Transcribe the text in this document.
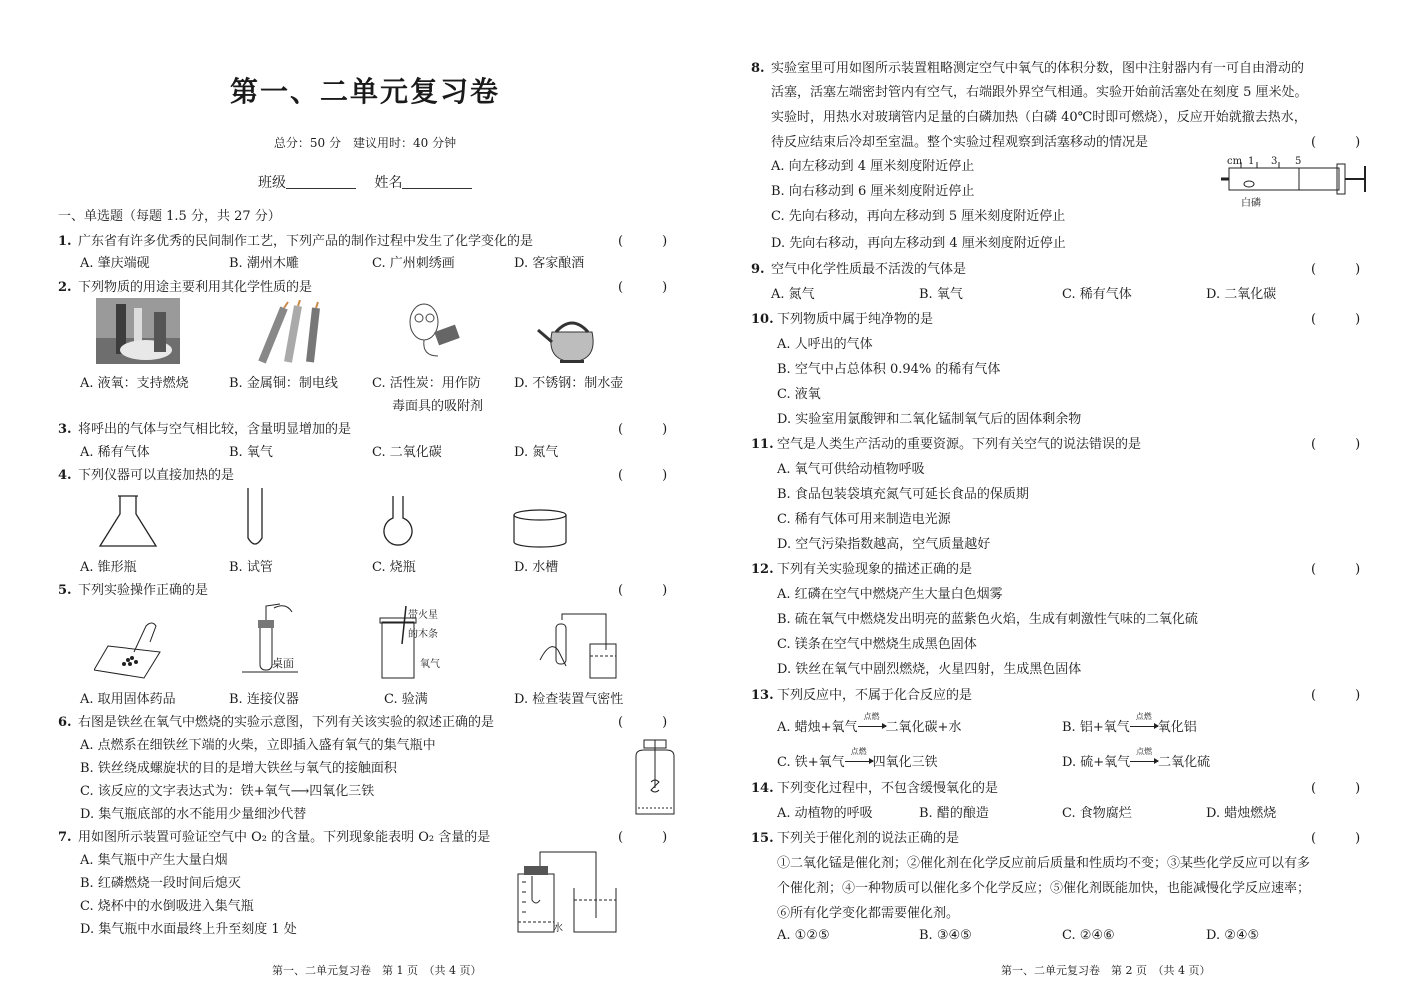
第一、二单元复习卷
总分：50 分　建议用时：40 分钟
班级	姓名
一、单选题（每题 1.5 分，共 27 分）
1. 广东省有许多优秀的民间制作工艺，下列产品的制作过程中发生了化学变化的是	(　　　)
A. 肇庆端砚	B. 潮州木雕	C. 广州刺绣画	D. 客家酿酒
2. 下列物质的用途主要利用其化学性质的是	(　　　)
A. 液氧：支持燃烧	B. 金属铜：制电线	C. 活性炭：用作防
毒面具的吸附剂
D. 不锈钢：制水壶
3. 将呼出的气体与空气相比较，含量明显增加的是	(　　　)
A. 稀有气体	B. 氧气	C. 二氧化碳	D. 氮气
4. 下列仪器可以直接加热的是	(　　　)
A. 锥形瓶	B. 试管	C. 烧瓶	D. 水槽
5. 下列实验操作正确的是	(　　　)
桌面
带火星
的木条
氧气
A. 取用固体药品	B. 连接仪器	C. 验满	D. 检查装置气密性
6. 右图是铁丝在氧气中燃烧的实验示意图，下列有关该实验的叙述正确的是	(　　　)
A. 点燃系在细铁丝下端的火柴，立即插入盛有氧气的集气瓶中
B. 铁丝绕成螺旋状的目的是增大铁丝与氧气的接触面积
C. 该反应的文字表达式为：铁+氧气⟶四氧化三铁
D. 集气瓶底部的水不能用少量细沙代替
7. 用如图所示装置可验证空气中 O₂ 的含量。下列现象能表明 O₂ 含量的是	(　　　)
A. 集气瓶中产生大量白烟
B. 红磷燃烧一段时间后熄灭
C. 烧杯中的水倒吸进入集气瓶
D. 集气瓶中水面最终上升至刻度 1 处	水
第一、二单元复习卷　第 1 页　（共 4 页）
8. 实验室里可用如图所示装置粗略测定空气中氧气的体积分数，图中注射器内有一可自由滑动的
活塞，活塞左端密封管内有空气，右端跟外界空气相通。实验开始前活塞处在刻度 5 厘米处。
实验时，用热水对玻璃管内足量的白磷加热（白磷 40℃时即可燃烧），反应开始就撤去热水，
待反应结束后冷却至室温。整个实验过程观察到活塞移动的情况是	(　　　)
A. 向左移动到 4 厘米刻度附近停止
B. 向右移动到 6 厘米刻度附近停止
C. 先向右移动，再向左移动到 5 厘米刻度附近停止
D. 先向右移动，再向左移动到 4 厘米刻度附近停止
cm 1 3 5
白磷
9. 空气中化学性质最不活泼的气体是	(　　　)
A. 氮气	B. 氧气	C. 稀有气体	D. 二氧化碳
10. 下列物质中属于纯净物的是	(　　　)
A. 人呼出的气体
B. 空气中占总体积 0.94% 的稀有气体
C. 液氧
D. 实验室用氯酸钾和二氧化锰制氧气后的固体剩余物
11. 空气是人类生产活动的重要资源。下列有关空气的说法错误的是	(　　　)
A. 氧气可供给动植物呼吸
B. 食品包装袋填充氮气可延长食品的保质期
C. 稀有气体可用来制造电光源
D. 空气污染指数越高，空气质量越好
12. 下列有关实验现象的描述正确的是	(　　　)
A. 红磷在空气中燃烧产生大量白色烟雾
B. 硫在氧气中燃烧发出明亮的蓝紫色火焰，生成有刺激性气味的二氧化硫
C. 镁条在空气中燃烧生成黑色固体
D. 铁丝在氧气中剧烈燃烧，火星四射，生成黑色固体
13. 下列反应中，不属于化合反应的是	(　　　)
A. 蜡烛+氧气
点燃
二氧化碳+水	B. 铝+氧气
点燃
氧化铝
C. 铁+氧气
点燃
四氧化三铁	D. 硫+氧气
点燃
二氧化硫
14. 下列变化过程中，不包含缓慢氧化的是	(　　　)
A. 动植物的呼吸	B. 醋的酿造	C. 食物腐烂	D. 蜡烛燃烧
15. 下列关于催化剂的说法正确的是	(　　　)
①二氧化锰是催化剂；②催化剂在化学反应前后质量和性质均不变；③某些化学反应可以有多
个催化剂；④一种物质可以催化多个化学反应；⑤催化剂既能加快，也能减慢化学反应速率；
⑥所有化学变化都需要催化剂。
A. ①②⑤	B. ③④⑤	C. ②④⑥	D. ②④⑤
第一、二单元复习卷　第 2 页　（共 4 页）
